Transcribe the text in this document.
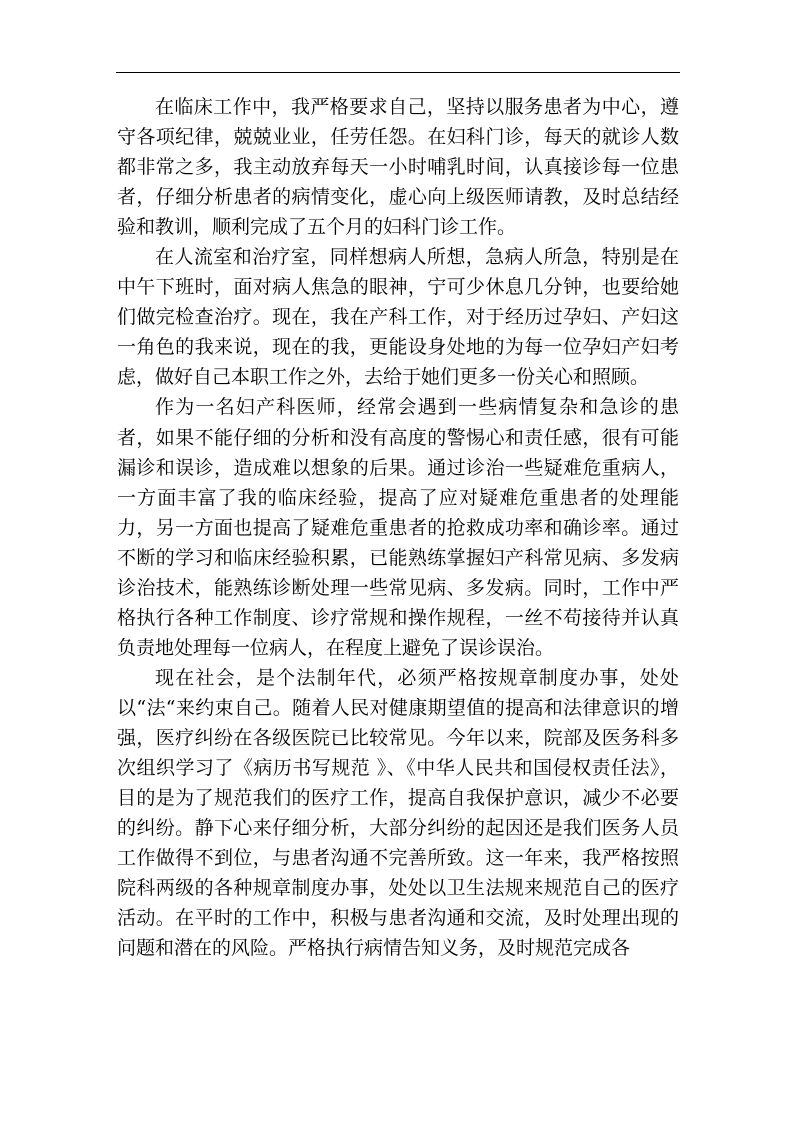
在临床工作中，我严格要求自己，坚持以服务患者为中心，遵守各项纪律，兢兢业业，任劳任怨。在妇科门诊，每天的就诊人数都非常之多，我主动放弃每天一小时哺乳时间，认真接诊每一位患者，仔细分析患者的病情变化，虚心向上级医师请教，及时总结经验和教训，顺利完成了五个月的妇科门诊工作。

在人流室和治疗室，同样想病人所想，急病人所急，特别是在中午下班时，面对病人焦急的眼神，宁可少休息几分钟，也要给她们做完检查治疗。现在，我在产科工作，对于经历过孕妇、产妇这一角色的我来说，现在的我，更能设身处地的为每一位孕妇产妇考虑，做好自己本职工作之外，去给于她们更多一份关心和照顾。

作为一名妇产科医师，经常会遇到一些病情复杂和急诊的患者，如果不能仔细的分析和没有高度的警惕心和责任感，很有可能漏诊和误诊，造成难以想象的后果。通过诊治一些疑难危重病人，一方面丰富了我的临床经验，提高了应对疑难危重患者的处理能力，另一方面也提高了疑难危重患者的抢救成功率和确诊率。通过不断的学习和临床经验积累，已能熟练掌握妇产科常见病、多发病诊治技术，能熟练诊断处理一些常见病、多发病。同时，工作中严格执行各种工作制度、诊疗常规和操作规程，一丝不苟接待并认真负责地处理每一位病人，在程度上避免了误诊误治。

现在社会，是个法制年代，必须严格按规章制度办事，处处以“法“来约束自己。随着人民对健康期望值的提高和法律意识的增强，医疗纠纷在各级医院已比较常见。今年以来，院部及医务科多次组织学习了《病历书写规范 》、《中华人民共和国侵权责任法》，目的是为了规范我们的医疗工作，提高自我保护意识，减少不必要的纠纷。静下心来仔细分析，大部分纠纷的起因还是我们医务人员工作做得不到位，与患者沟通不完善所致。这一年来，我严格按照院科两级的各种规章制度办事，处处以卫生法规来规范自己的医疗活动。在平时的工作中，积极与患者沟通和交流，及时处理出现的问题和潜在的风险。严格执行病情告知义务，及时规范完成各
